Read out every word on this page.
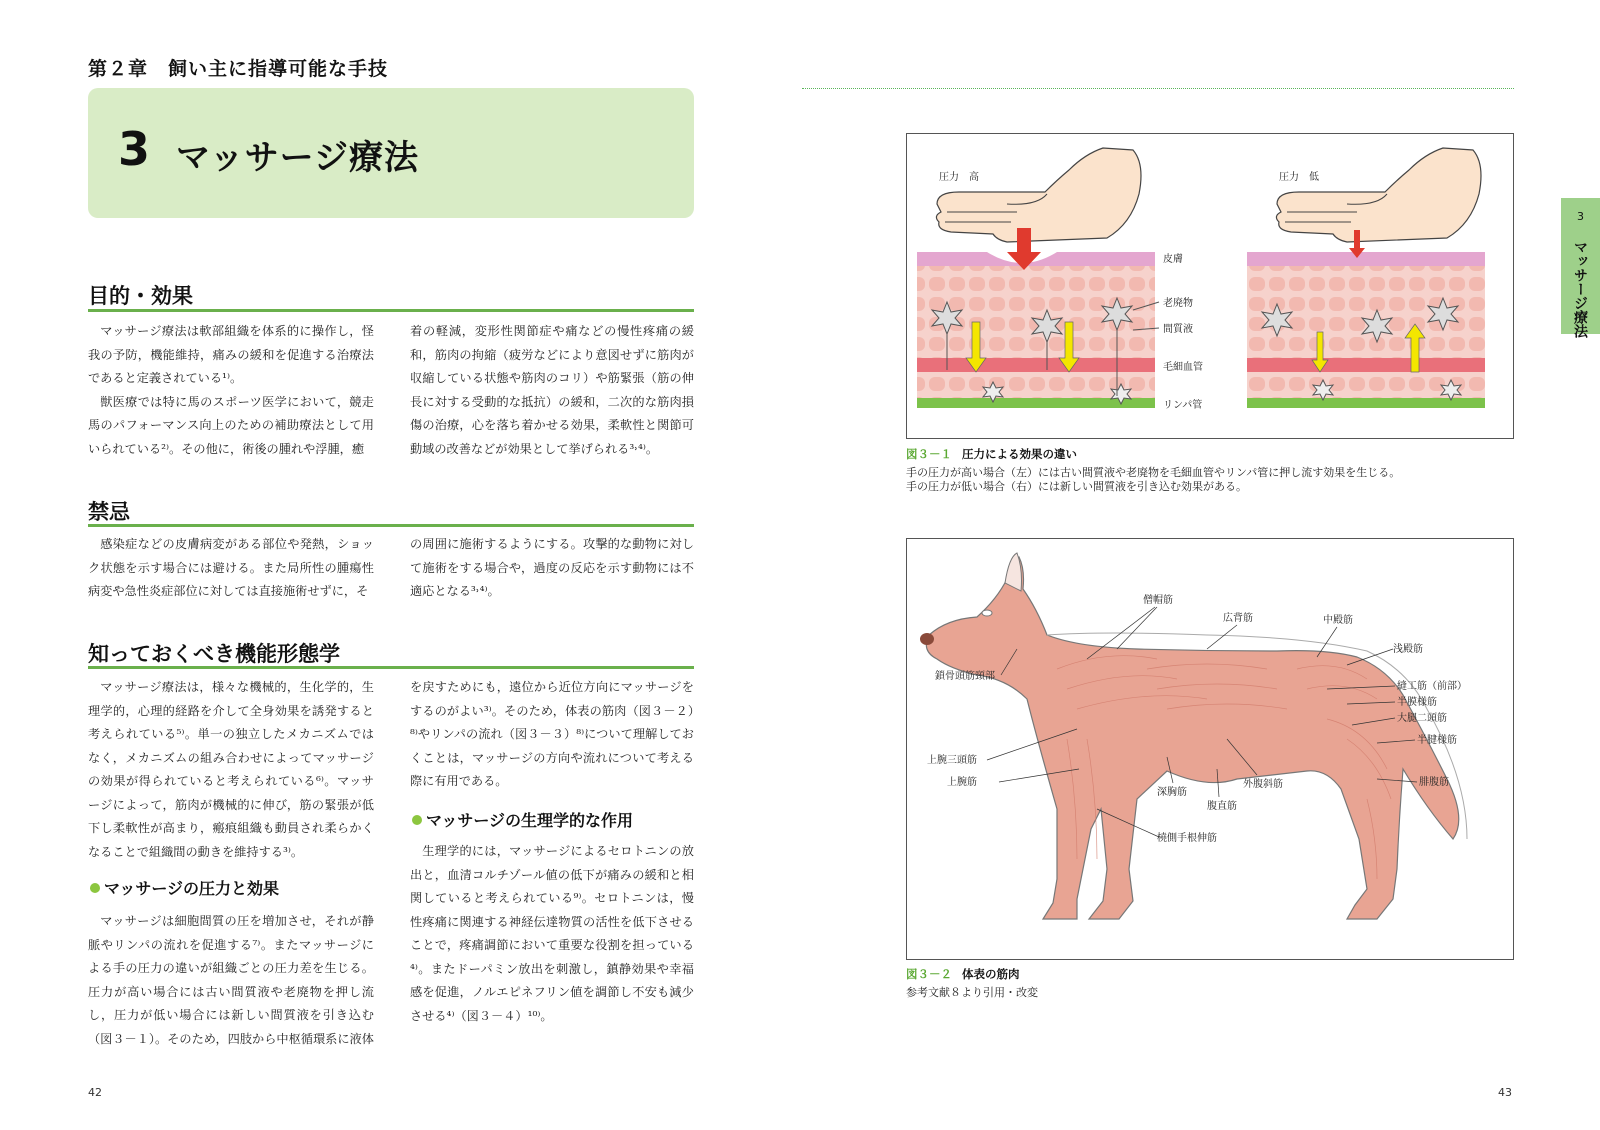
第２章　飼い主に指導可能な手技
3 マッサージ療法
目的・効果

マッサージ療法は軟部組織を体系的に操作し，怪我の予防，機能維持，痛みの緩和を促進する治療法であると定義されている¹⁾。

獣医療では特に馬のスポーツ医学において，競走馬のパフォーマンス向上のための補助療法として用いられている²⁾。その他に，術後の腫れや浮腫，癒

着の軽減，変形性関節症や痛などの慢性疼痛の緩和，筋肉の拘縮（疲労などにより意図せずに筋肉が収縮している状態や筋肉のコリ）や筋緊張（筋の伸長に対する受動的な抵抗）の緩和，二次的な筋肉損傷の治療，心を落ち着かせる効果，柔軟性と関節可動域の改善などが効果として挙げられる³˒⁴⁾。

禁忌

感染症などの皮膚病変がある部位や発熱，ショック状態を示す場合には避ける。また局所性の腫瘍性病変や急性炎症部位に対しては直接施術せずに，そ

の周囲に施術するようにする。攻撃的な動物に対して施術をする場合や，過度の反応を示す動物には不適応となる³˒⁴⁾。

知っておくべき機能形態学

マッサージ療法は，様々な機械的，生化学的，生理学的，心理的経路を介して全身効果を誘発すると考えられている⁵⁾。単一の独立したメカニズムではなく，メカニズムの組み合わせによってマッサージの効果が得られていると考えられている⁶⁾。マッサージによって，筋肉が機械的に伸び，筋の緊張が低下し柔軟性が高まり，瘢痕組織も動員され柔らかくなることで組織間の動きを維持する³⁾。

マッサージの圧力と効果

マッサージは細胞間質の圧を増加させ，それが静脈やリンパの流れを促進する⁷⁾。またマッサージによる手の圧力の違いが組織ごとの圧力差を生じる。圧力が高い場合には古い間質液や老廃物を押し流し，圧力が低い場合には新しい間質液を引き込む（図３－１）。そのため，四肢から中枢循環系に液体

を戻すためにも，遠位から近位方向にマッサージをするのがよい³⁾。そのため，体表の筋肉（図３－２）⁸⁾やリンパの流れ（図３－３）⁸⁾について理解しておくことは，マッサージの方向や流れについて考える際に有用である。

マッサージの生理学的な作用

生理学的には，マッサージによるセロトニンの放出と，血清コルチゾール値の低下が痛みの緩和と相関していると考えられている⁹⁾。セロトニンは，慢性疼痛に関連する神経伝達物質の活性を低下させることで，疼痛調節において重要な役割を担っている⁴⁾。またドーパミン放出を刺激し，鎮静効果や幸福感を促進，ノルエピネフリン値を調節し不安も減少させる⁴⁾（図３－４）¹⁰⁾。

42
3
マッサージ療法
圧力　高
皮膚
老廃物
間質液
毛細血管
リンパ管
圧力　低
図３－１ 圧力による効果の違い
手の圧力が高い場合（左）には古い間質液や老廃物を毛細血管やリンパ管に押し流す効果を生じる。
手の圧力が低い場合（右）には新しい間質液を引き込む効果がある。
僧帽筋
広背筋	中殿筋
浅殿筋
鎖骨頭筋頸部
縫工筋（前部）
半膜様筋
大腿二頭筋
半腱様筋
腓腹筋
上腕三頭筋
上腕筋
深胸筋
腹直筋
外腹斜筋
橈側手根伸筋
図３－２ 体表の筋肉
参考文献８より引用・改変
43
